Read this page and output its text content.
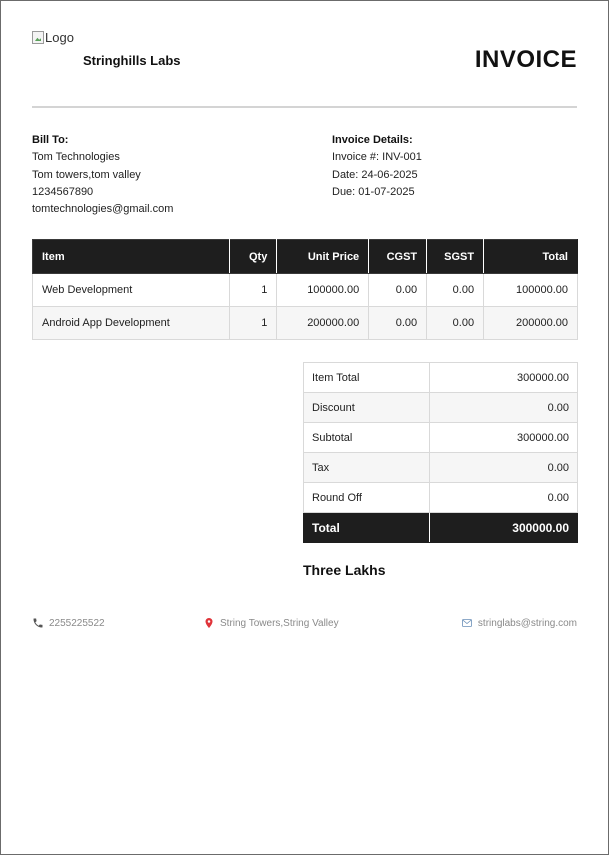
Logo
Stringhills Labs	INVOICE
Bill To:
Tom Technologies
Tom towers,tom valley
1234567890
tomtechnologies@gmail.com
Invoice Details:
Invoice #: INV-001
Date: 24-06-2025
Due: 01-07-2025
Item	Qty	Unit Price	CGST	SGST	Total
Web Development	1	100000.00	0.00	0.00	100000.00
Android App Development	1	200000.00	0.00	0.00	200000.00
Item Total	300000.00
Discount	0.00
Subtotal	300000.00
Tax	0.00
Round Off	0.00
Total	300000.00
Three Lakhs
2255225522	String Towers,String Valley	stringlabs@string.com
